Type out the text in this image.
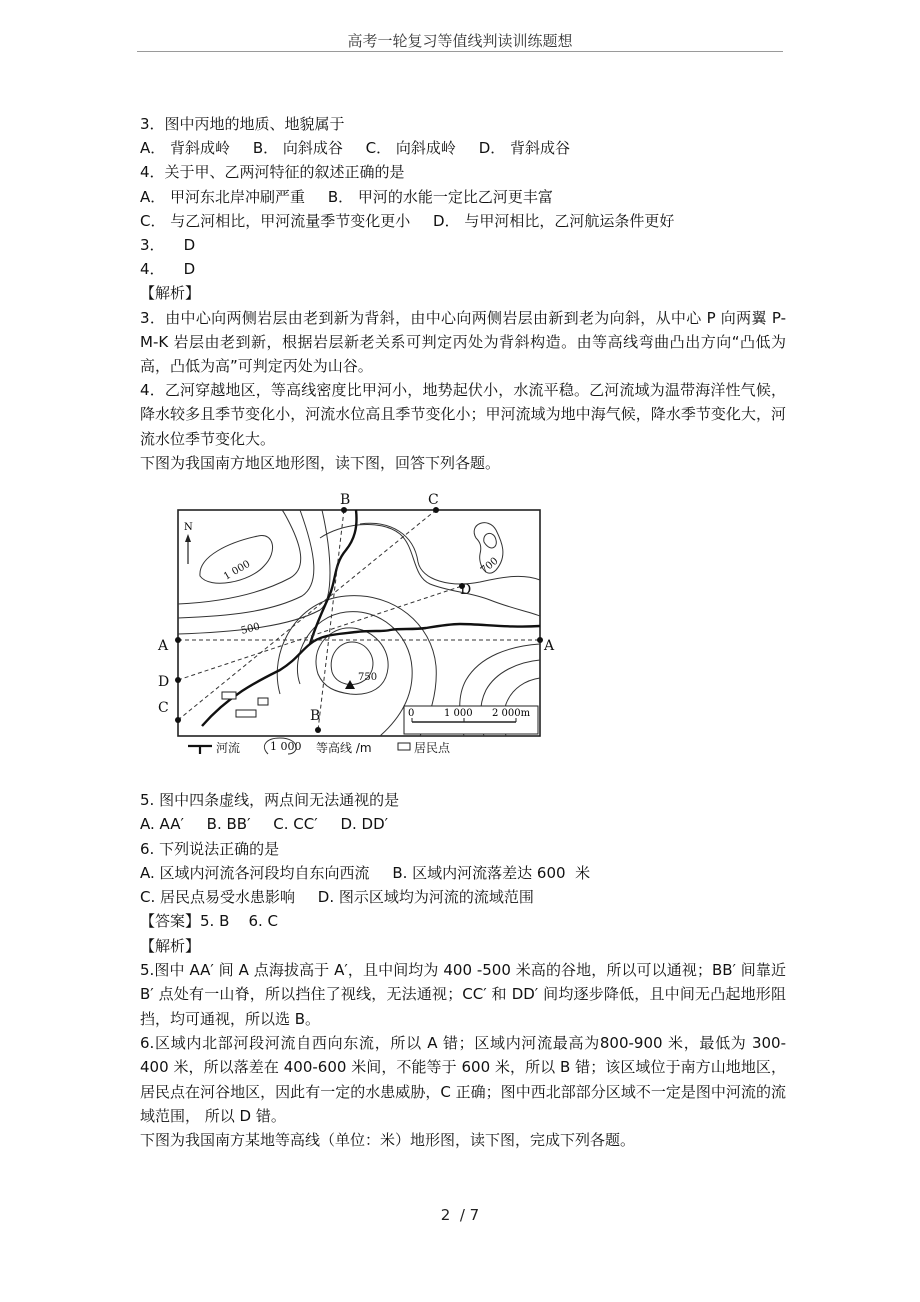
高考一轮复习等值线判读训练题想

3．图中丙地的地质、地貌属于

A． 背斜成岭 B． 向斜成谷 C． 向斜成岭 D． 背斜成谷

4．关于甲、乙两河特征的叙述正确的是

A． 甲河东北岸冲刷严重 B． 甲河的水能一定比乙河更丰富

C． 与乙河相比，甲河流量季节变化更小 D． 与甲河相比，乙河航运条件更好

3．    D

4．    D

【解析】

3．由中心向两侧岩层由老到新为背斜，由中心向两侧岩层由新到老为向斜，从中心 P 向两翼 P-M-K 岩层由老到新，根据岩层新老关系可判定丙处为背斜构造。由等高线弯曲凸出方向“凸低为高，凸低为高”可判定丙处为山谷。

4．乙河穿越地区，等高线密度比甲河小，地势起伏小，水流平稳。乙河流域为温带海洋性气候，降水较多且季节变化小，河流水位高且季节变化小；甲河流域为地中海气候，降水季节变化大，河流水位季节变化大。

下图为我国南方地区地形图，读下图，回答下列各题。

N
B	C
A	A
D
C	B
D
1 000	700
500
750
0	1 000 2 000m
河流	1 000 等高线 /m	居民点

5. 图中四条虚线，两点间无法通视的是

A. AA′ B. BB′ C. CC′ D. DD′

6. 下列说法正确的是

A. 区域内河流各河段均自东向西流 B. 区域内河流落差达 600  米

C. 居民点易受水患影响 D. 图示区域均为河流的流域范围

【答案】5. B    6. C

【解析】

5.图中 AA′ 间 A 点海拔高于 A′，且中间均为 400 -500 米高的谷地，所以可以通视；BB′ 间靠近 B′ 点处有一山脊，所以挡住了视线，无法通视；CC′ 和 DD′ 间均逐步降低，且中间无凸起地形阻挡，均可通视，所以选 B。

6.区域内北部河段河流自西向东流，所以 A 错；区域内河流最高为800-900 米，最低为 300-400 米，所以落差在 400-600 米间，不能等于 600 米，所以 B 错；该区域位于南方山地地区，居民点在河谷地区，因此有一定的水患威胁，C 正确；图中西北部部分区域不一定是图中河流的流域范围， 所以 D 错。

下图为我国南方某地等高线（单位：米）地形图，读下图，完成下列各题。

2  / 7
